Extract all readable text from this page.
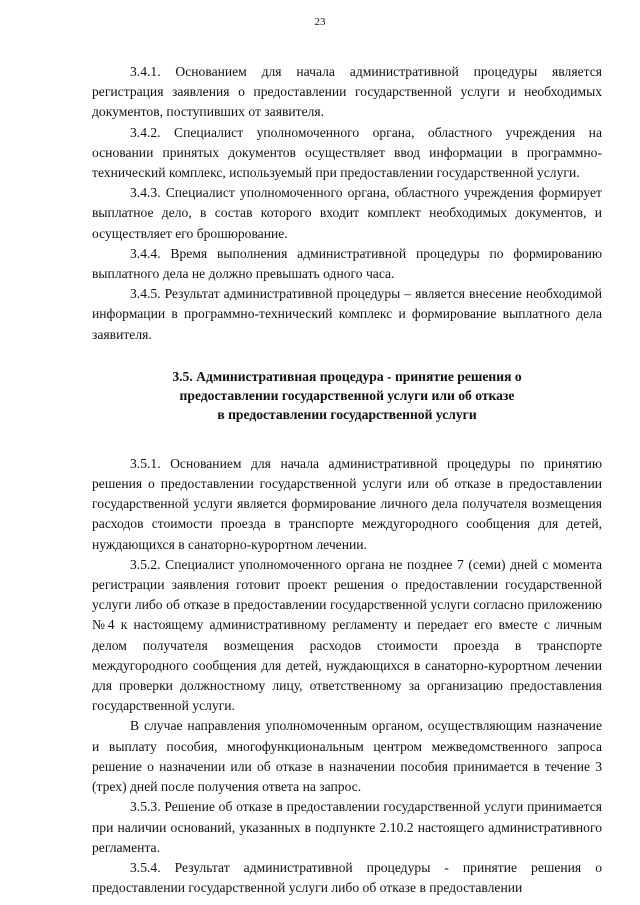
23

3.4.1. Основанием для начала административной процедуры является регистрация заявления о предоставлении государственной услуги и необходимых документов, поступивших от заявителя.

3.4.2. Специалист уполномоченного органа, областного учреждения на основании принятых документов осуществляет ввод информации в программно-технический комплекс, используемый при предоставлении государственной услуги.

3.4.3. Специалист уполномоченного органа, областного учреждения формирует выплатное дело, в состав которого входит комплект необходимых документов, и осуществляет его брошюрование.

3.4.4. Время выполнения административной процедуры по формированию выплатного дела не должно превышать одного часа.

3.4.5. Результат административной процедуры – является внесение необходимой информации в программно-технический комплекс и формирование выплатного дела заявителя.

3.5. Административная процедура - принятие решения о
предоставлении государственной услуги или об отказе
в предоставлении государственной услуги

3.5.1. Основанием для начала административной процедуры по принятию решения о предоставлении государственной услуги или об отказе в предоставлении государственной услуги является формирование личного дела получателя возмещения расходов стоимости проезда в транспорте междугородного сообщения для детей, нуждающихся в санаторно-курортном лечении.

3.5.2. Специалист уполномоченного органа не позднее 7 (семи) дней с момента регистрации заявления готовит проект решения о предоставлении государственной услуги либо об отказе в предоставлении государственной услуги согласно приложению №4 к настоящему административному регламенту и передает его вместе с личным делом получателя возмещения расходов стоимости проезда в транспорте междугородного сообщения для детей, нуждающихся в санаторно-курортном лечении для проверки должностному лицу, ответственному за организацию предоставления государственной услуги.

В случае направления уполномоченным органом, осуществляющим назначение и выплату пособия, многофункциональным центром межведомственного запроса решение о назначении или об отказе в назначении пособия принимается в течение 3 (трех) дней после получения ответа на запрос.

3.5.3. Решение об отказе в предоставлении государственной услуги принимается при наличии оснований, указанных в подпункте 2.10.2 настоящего административного регламента.

3.5.4. Результат административной процедуры - принятие решения о предоставлении государственной услуги либо об отказе в предоставлении
